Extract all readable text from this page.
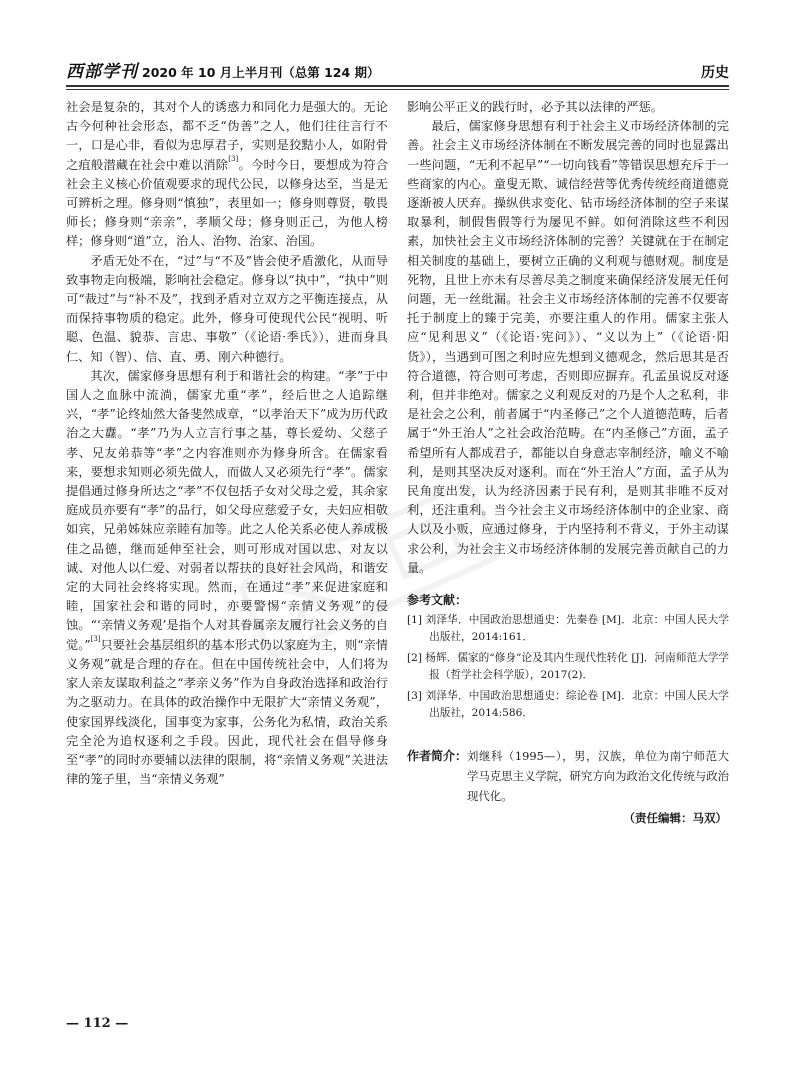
西部学刊 2020 年 10 月上半月刊（总第 124 期）	历史

社会是复杂的，其对个人的诱惑力和同化力是强大的。无论古今何种社会形态，都不乏“伪善”之人，他们往往言行不一，口是心非，看似为忠厚君子，实则是狡黠小人，如附骨之疽般潜藏在社会中难以消除[3]。今时今日，要想成为符合社会主义核心价值观要求的现代公民，以修身达至，当是无可辨析之理。修身则“慎独”，表里如一；修身则尊贤，敬畏师长；修身则“亲亲”，孝顺父母；修身则正己，为他人榜样；修身则“道”立，治人、治物、治家、治国。

矛盾无处不在，“过”与“不及”皆会使矛盾激化，从而导致事物走向极端，影响社会稳定。修身以“执中”，“执中”则可“裁过”与“补不及”，找到矛盾对立双方之平衡连接点，从而保持事物质的稳定。此外，修身可使现代公民“视明、听聪、色温、貌恭、言忠、事敬”（《论语·季氏》），进而身具仁、知（智）、信、直、勇、刚六种德行。

其次，儒家修身思想有利于和谐社会的构建。“孝”于中国人之血脉中流淌，儒家尤重“孝”，经后世之人追踪继兴，“孝”论终灿然大备斐然成章，“以孝治天下”成为历代政治之大纛。“孝”乃为人立言行事之基，尊长爱幼、父慈子孝、兄友弟恭等“孝”之内容准则亦为修身所含。在儒家看来，要想求知则必须先做人，而做人又必须先行“孝”。儒家提倡通过修身所达之“孝”不仅包括子女对父母之爱，其余家庭成员亦要有“孝”的品行，如父母应慈爱子女，夫妇应相敬如宾，兄弟姊妹应亲睦有加等。此之人伦关系必使人养成极佳之品德，继而延伸至社会，则可形成对国以忠、对友以诚、对他人以仁爱、对弱者以帮扶的良好社会风尚，和谐安定的大同社会终将实现。然而，在通过“孝”来促进家庭和睦，国家社会和谐的同时，亦要警惕“亲情义务观”的侵蚀。“‘亲情义务观’是指个人对其眷属亲友履行社会义务的自觉。”[3]只要社会基层组织的基本形式仍以家庭为主，则“亲情义务观”就是合理的存在。但在中国传统社会中，人们将为家人亲友谋取利益之“孝亲义务”作为自身政治选择和政治行为之驱动力。在具体的政治操作中无限扩大“亲情义务观”，使家国界线淡化，国事变为家事，公务化为私情，政治关系完全沦为追权逐利之手段。因此，现代社会在倡导修身至“孝”的同时亦要辅以法律的限制，将“亲情义务观”关进法律的笼子里，当“亲情义务观”

影响公平正义的践行时，必予其以法律的严惩。

最后，儒家修身思想有利于社会主义市场经济体制的完善。社会主义市场经济体制在不断发展完善的同时也显露出一些问题，“无利不起早”“一切向钱看”等错误思想充斥于一些商家的内心。童叟无欺、诚信经营等优秀传统经商道德竟逐渐被人厌弃。操纵供求变化、钻市场经济体制的空子来谋取暴利，制假售假等行为屡见不鲜。如何消除这些不利因素，加快社会主义市场经济体制的完善？关键就在于在制定相关制度的基础上，要树立正确的义利观与德财观。制度是死物，且世上亦未有尽善尽美之制度来确保经济发展无任何问题，无一丝纰漏。社会主义市场经济体制的完善不仅要寄托于制度上的臻于完美，亦要注重人的作用。儒家主张人应“见利思义”（《论语·宪问》）、“义以为上”（《论语·阳货》），当遇到可图之利时应先想到义德观念，然后思其是否符合道德，符合则可考虑，否则即应摒弃。孔孟虽说反对逐利，但并非绝对。儒家之义利观反对的乃是个人之私利，非是社会之公利，前者属于“内圣修己”之个人道德范畴，后者属于“外王治人”之社会政治范畴。在“内圣修己”方面，孟子希望所有人都成君子，都能以自身意志宰制经济，喻义不喻利，是则其坚决反对逐利。而在“外王治人”方面，孟子从为民角度出发，认为经济因素于民有利，是则其非唯不反对利，还注重利。当今社会主义市场经济体制中的企业家、商人以及小贩，应通过修身，于内坚持利不背义，于外主动谋求公利，为社会主义市场经济体制的发展完善贡献自己的力量。

参考文献：
[1] 刘泽华．中国政治思想通史：先秦卷 [M]．北京：中国人民大学出版社，2014:161．
[2] 杨辉．儒家的“修身”论及其内生现代性转化 [J]．河南师范大学学报（哲学社会科学版），2017(2)．
[3] 刘泽华．中国政治思想通史：综论卷 [M]．北京：中国人民大学出版社，2014:586．
作者简介： 刘继科（1995—），男，汉族，单位为南宁师范大学马克思主义学院，研究方向为政治文化传统与政治现代化。
（责任编辑：马双）
— 112 —
